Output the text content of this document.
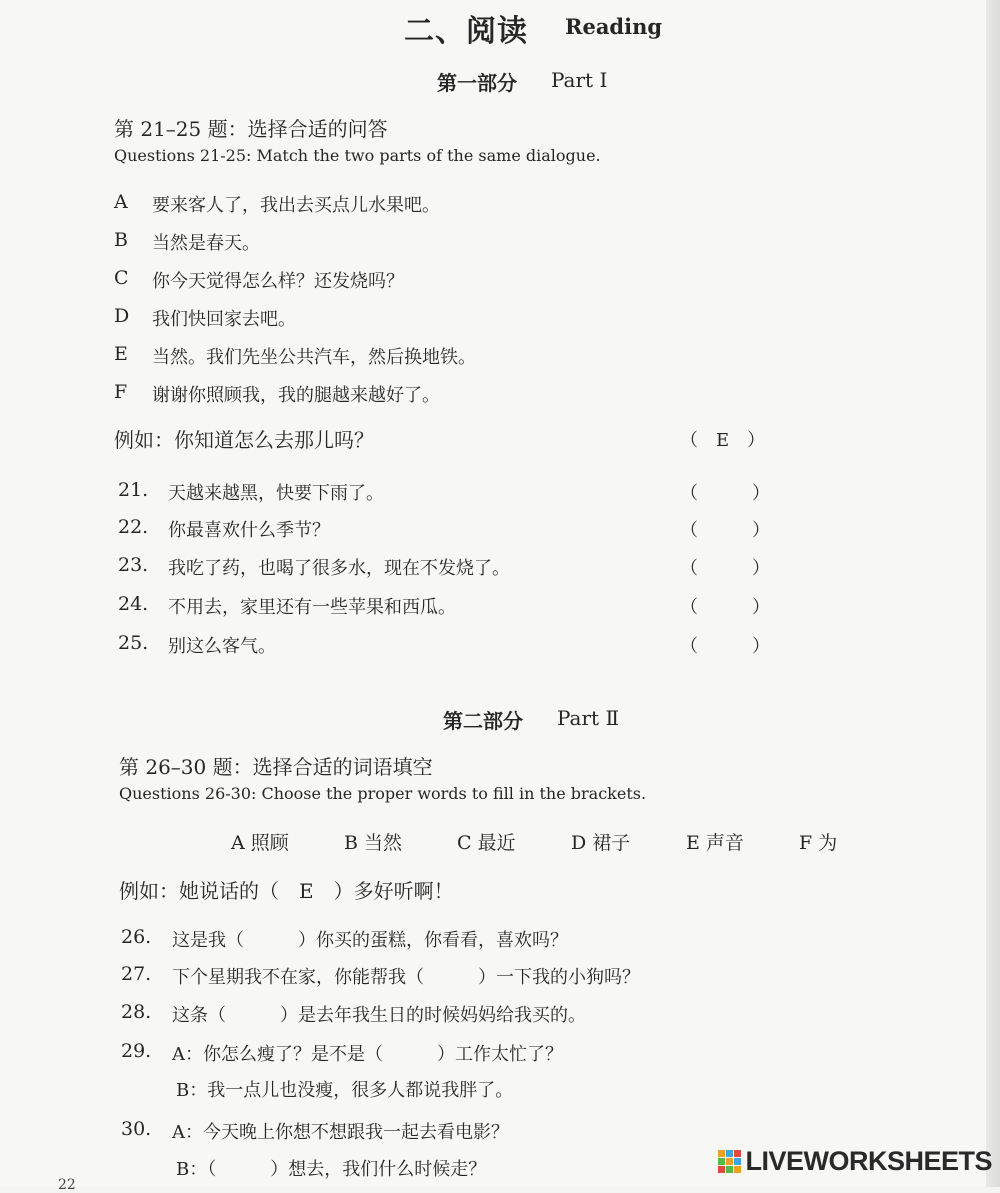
二、阅读 Reading
第一部分 Part Ⅰ
第 21–25 题：选择合适的问答
Questions 21-25: Match the two parts of the same dialogue.
A 要来客人了，我出去买点儿水果吧。
B 当然是春天。
C 你今天觉得怎么样？还发烧吗？
D 我们快回家去吧。
E 当然。我们先坐公共汽车，然后换地铁。
F 谢谢你照顾我，我的腿越来越好了。
例如：你知道怎么去那儿吗？	（　E　）
21. 天越来越黑，快要下雨了。	（　　　）
22. 你最喜欢什么季节？	（　　　）
23. 我吃了药，也喝了很多水，现在不发烧了。	（　　　）
24. 不用去，家里还有一些苹果和西瓜。	（　　　）
25. 别这么客气。	（　　　）
第二部分 Part Ⅱ
第 26–30 题：选择合适的词语填空
Questions 26-30: Choose the proper words to fill in the brackets.
A 照顾	B 当然	C 最近	D 裙子	E 声音	F 为
例如：她说话的（　E　）多好听啊！
26. 这是我（　　　）你买的蛋糕，你看看，喜欢吗？
27. 下个星期我不在家，你能帮我（　　　）一下我的小狗吗？
28. 这条（　　　）是去年我生日的时候妈妈给我买的。
29. A：你怎么瘦了？是不是（　　　）工作太忙了？
B：我一点儿也没瘦，很多人都说我胖了。
30. A：今天晚上你想不想跟我一起去看电影？
B：（　　　）想去，我们什么时候走？
22
LIVEWORKSHEETS
